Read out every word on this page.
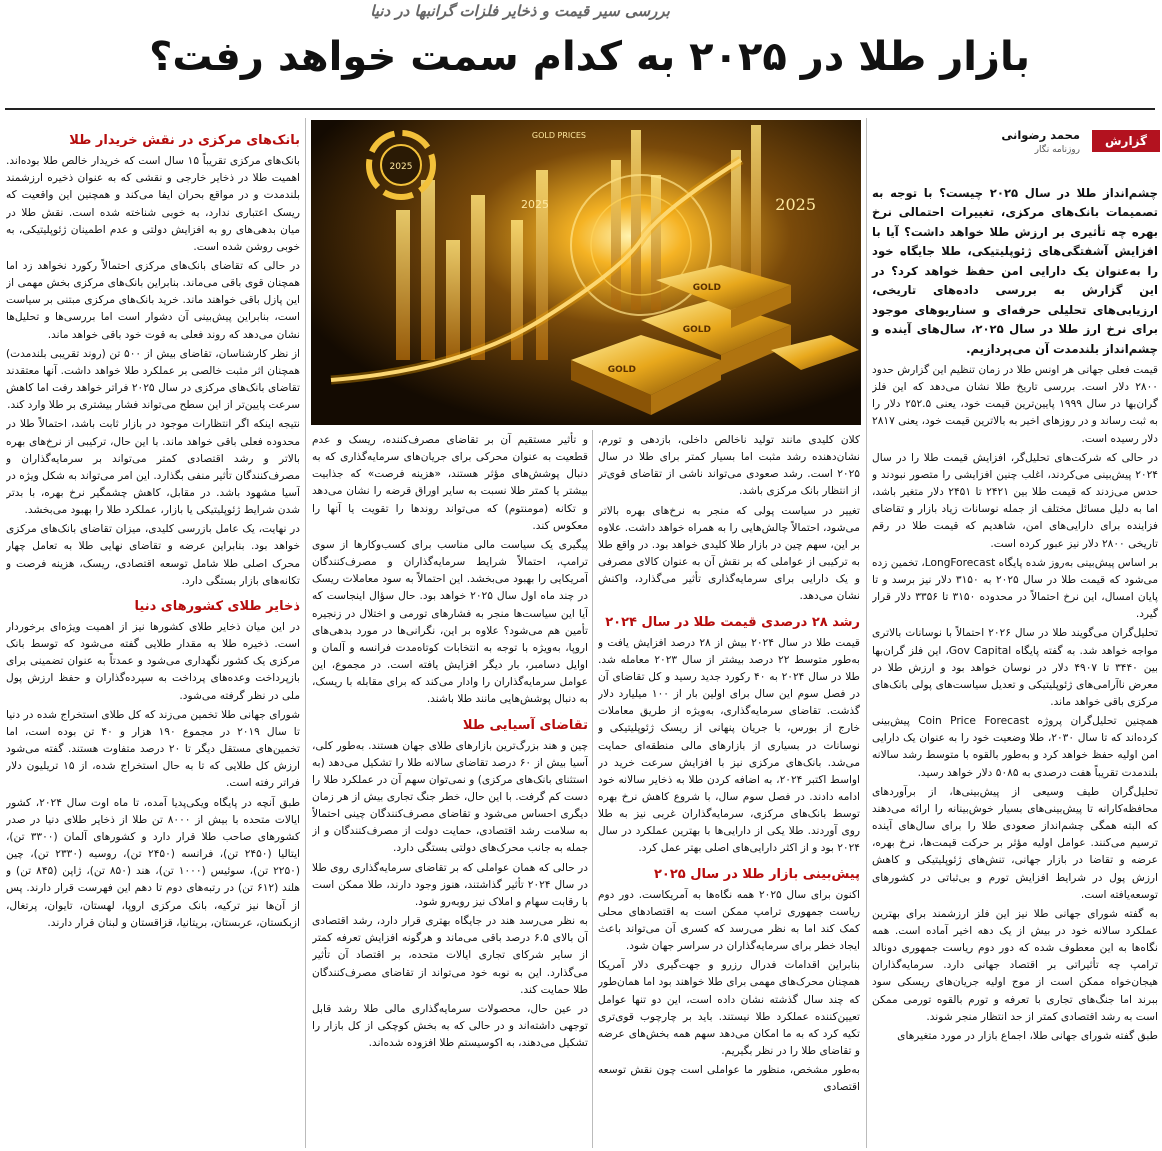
بررسی سیر قیمت و ذخایر فلزات گرانبها در دنیا
بازار طلا در ۲۰۲۵ به کدام سمت خواهد رفت؟
گزارش
محمد رضوانی
روزنامه نگار
چشم‌انداز طلا در سال ۲۰۲۵ چیست؟ با توجه به تصمیمات بانک‌های مرکزی، تغییرات احتمالی نرخ بهره چه تأثیری بر ارزش طلا خواهد داشت؟ آیا با افزایش آشفتگی‌های ژئوپلیتیکی، طلا جایگاه خود را به‌عنوان یک دارایی امن حفظ خواهد کرد؟ در این گزارش به بررسی داده‌های تاریخی، ارزیابی‌های تحلیلی حرفه‌ای و سناریوهای موجود برای نرخ ارز طلا در سال ۲۰۲۵، سال‌های آینده و چشم‌انداز بلندمدت آن می‌پردازیم.
GOLD PRICES
2025
2025	2025
GOLD
GOLD
GOLD

قیمت فعلی جهانی هر اونس طلا در زمان تنظیم این گزارش حدود ۲۸۰۰ دلار است. بررسی تاریخ طلا نشان می‌دهد که این فلز گران‌بها در سال ۱۹۹۹ پایین‌ترین قیمت خود، یعنی ۲۵۲.۵ دلار را به ثبت رساند و در روزهای اخیر به بالاترین قیمت خود، یعنی ۲۸۱۷ دلار رسیده است.

در حالی که شرکت‌های تحلیل‌گر، افزایش قیمت طلا را در سال ۲۰۲۴ پیش‌بینی می‌کردند، اغلب چنین افزایشی را متصور نبودند و حدس می‌زدند که قیمت طلا بین ۲۴۲۱ تا ۲۴۵۱ دلار متغیر باشد، اما به دلیل مسائل مختلف از جمله نوسانات زیاد بازار و تقاضای فزاینده برای دارایی‌های امن، شاهدیم که قیمت طلا در رقم تاریخی ۲۸۰۰ دلار نیز عبور کرده است.

بر اساس پیش‌بینی به‌روز شده پایگاه LongForecast، تخمین زده می‌شود که قیمت طلا در سال ۲۰۲۵ به ۳۱۵۰ دلار نیز برسد و تا پایان امسال، این نرخ احتمالاً در محدوده ۳۱۵۰ تا ۳۳۵۶ دلار قرار گیرد.

تحلیل‌گران می‌گویند طلا در سال ۲۰۲۶ احتمالاً با نوسانات بالاتری مواجه خواهد شد. به گفته پایگاه Gov Capital، این فلز گران‌بها بین ۳۴۴۰ تا ۴۹۰۷ دلار در نوسان خواهد بود و ارزش طلا در معرض ناآرامی‌های ژئوپلیتیکی و تعدیل سیاست‌های پولی بانک‌های مرکزی باقی خواهد ماند.

همچنین تحلیل‌گران پروژه Coin Price Forecast پیش‌بینی کرده‌اند که تا سال ۲۰۳۰، طلا وضعیت خود را به عنوان یک دارایی امن اولیه حفظ خواهد کرد و به‌طور بالقوه با متوسط رشد سالانه بلندمدت تقریباً هفت درصدی به ۵۰۸۵ دلار خواهد رسید.

تحلیل‌گران طیف وسیعی از پیش‌بینی‌ها، از برآوردهای محافظه‌کارانه تا پیش‌بینی‌های بسیار خوش‌بینانه را ارائه می‌دهند که البته همگی چشم‌انداز صعودی طلا را برای سال‌های آینده ترسیم می‌کنند. عوامل اولیه مؤثر بر حرکت قیمت‌ها، نرخ بهره، عرضه و تقاضا در بازار جهانی، تنش‌های ژئوپلیتیکی و کاهش ارزش پول در شرایط افزایش تورم و بی‌ثباتی در کشورهای توسعه‌یافته است.

به گفته شورای جهانی طلا نیز این فلز ارزشمند برای بهترین عملکرد سالانه خود در بیش از یک دهه اخیر آماده است. همه نگاه‌ها به این معطوف شده که دور دوم ریاست جمهوری دونالد ترامپ چه تأثیراتی بر اقتصاد جهانی دارد. سرمایه‌گذاران هیجان‌خواه ممکن است از موج اولیه جریان‌های ریسکی سود ببرند اما جنگ‌های تجاری با تعرفه و تورم بالقوه تورمی ممکن است به رشد اقتصادی کمتر از حد انتظار منجر شوند.

طبق گفته شورای جهانی طلا، اجماع بازار در مورد متغیرهای

کلان کلیدی مانند تولید ناخالص داخلی، بازدهی و تورم، نشان‌دهنده رشد مثبت اما بسیار کمتر برای طلا در سال ۲۰۲۵ است. رشد صعودی می‌تواند ناشی از تقاضای قوی‌تر از انتظار بانک مرکزی باشد.

تغییر در سیاست پولی که منجر به نرخ‌های بهره بالاتر می‌شود، احتمالاً چالش‌هایی را به همراه خواهد داشت. علاوه بر این، سهم چین در بازار طلا کلیدی خواهد بود. در واقع طلا به ترکیبی از عواملی که بر نقش آن به عنوان کالای مصرفی و یک دارایی برای سرمایه‌گذاری تأثیر می‌گذارد، واکنش نشان می‌دهد.

رشد ۲۸ درصدی قیمت طلا در سال ۲۰۲۴

قیمت طلا در سال ۲۰۲۴ بیش از ۲۸ درصد افزایش یافت و به‌طور متوسط ۲۲ درصد بیشتر از سال ۲۰۲۳ معامله شد. طلا در سال ۲۰۲۴ به ۴۰ رکورد جدید رسید و کل تقاضای آن در فصل سوم این سال برای اولین بار از ۱۰۰ میلیارد دلار گذشت. تقاضای سرمایه‌گذاری، به‌ویژه از طریق معاملات خارج از بورس، با جریان پنهانی از ریسک ژئوپلیتیکی و نوسانات در بسیاری از بازارهای مالی منطقه‌ای حمایت می‌شد. بانک‌های مرکزی نیز با افزایش سرعت خرید در اواسط اکتبر ۲۰۲۴، به اضافه کردن طلا به ذخایر سالانه خود ادامه دادند. در فصل سوم سال، با شروع کاهش نرخ بهره توسط بانک‌های مرکزی، سرمایه‌گذاران غربی نیز به طلا روی آوردند. طلا یکی از دارایی‌ها با بهترین عملکرد در سال ۲۰۲۴ بود و از اکثر دارایی‌های اصلی بهتر عمل کرد.

پیش‌بینی بازار طلا در سال ۲۰۲۵

اکنون برای سال ۲۰۲۵ همه نگاه‌ها به آمریکاست. دور دوم ریاست جمهوری ترامپ ممکن است به اقتصادهای محلی کمک کند اما به نظر می‌رسد که کسری آن می‌تواند باعث ایجاد خطر برای سرمایه‌گذاران در سراسر جهان شود.

بنابراین اقدامات فدرال رزرو و جهت‌گیری دلار آمریکا همچنان محرک‌های مهمی برای طلا خواهند بود اما همان‌طور که چند سال گذشته نشان داده است، این دو تنها عوامل تعیین‌کننده عملکرد طلا نیستند. باید بر چارچوب قوی‌تری تکیه کرد که به ما امکان می‌دهد سهم همه بخش‌های عرضه و تقاضای طلا را در نظر بگیریم.

به‌طور مشخص، منظور ما عواملی است چون نقش توسعه اقتصادی

و تأثیر مستقیم آن بر تقاضای مصرف‌کننده، ریسک و عدم قطعیت به عنوان محرکی برای جریان‌های سرمایه‌گذاری که به دنبال پوشش‌های مؤثر هستند، «هزینه فرصت» که جذابیت بیشتر یا کمتر طلا نسبت به سایر اوراق قرضه را نشان می‌دهد و تکانه (مومنتوم) که می‌تواند روندها را تقویت یا آنها را معکوس کند.

پیگیری یک سیاست مالی مناسب برای کسب‌وکارها از سوی ترامپ، احتمالاً شرایط سرمایه‌گذاران و مصرف‌کنندگان آمریکایی را بهبود می‌بخشد. این احتمالاً به سود معاملات ریسک در چند ماه اول سال ۲۰۲۵ خواهد بود. حال سؤال اینجاست که آیا این سیاست‌ها منجر به فشارهای تورمی و اختلال در زنجیره تأمین هم می‌شود؟ علاوه بر این، نگرانی‌ها در مورد بدهی‌های اروپا، به‌ویژه با توجه به انتخابات کوتاه‌مدت فرانسه و آلمان و اوایل دسامبر، بار دیگر افزایش یافته است. در مجموع، این عوامل سرمایه‌گذاران را وادار می‌کند که برای مقابله با ریسک، به دنبال پوشش‌هایی مانند طلا باشند.

تقاضای آسیایی طلا

چین و هند بزرگ‌ترین بازارهای طلای جهان هستند. به‌طور کلی، آسیا بیش از ۶۰ درصد تقاضای سالانه طلا را تشکیل می‌دهد (به استثنای بانک‌های مرکزی) و نمی‌توان سهم آن در عملکرد طلا را دست کم گرفت. با این حال، خطر جنگ تجاری بیش از هر زمان دیگری احساس می‌شود و تقاضای مصرف‌کنندگان چینی احتمالاً به سلامت رشد اقتصادی، حمایت دولت از مصرف‌کنندگان و از جمله به جانب محرک‌های دولتی بستگی دارد.

در حالی که همان عواملی که بر تقاضای سرمایه‌گذاری روی طلا در سال ۲۰۲۴ تأثیر گذاشتند، هنوز وجود دارند، طلا ممکن است با رقابت سهام و املاک نیز روبه‌رو شود.

به نظر می‌رسد هند در جایگاه بهتری قرار دارد، رشد اقتصادی آن بالای ۶.۵ درصد باقی می‌ماند و هرگونه افزایش تعرفه کمتر از سایر شرکای تجاری ایالات متحده، بر اقتصاد آن تأثیر می‌گذارد. این به نوبه خود می‌تواند از تقاضای مصرف‌کنندگان طلا حمایت کند.

در عین حال، محصولات سرمایه‌گذاری مالی طلا رشد قابل توجهی داشته‌اند و در حالی که به بخش کوچکی از کل بازار را تشکیل می‌دهند، به اکوسیستم طلا افزوده شده‌اند.

بانک‌های مرکزی در نقش خریدار طلا

بانک‌های مرکزی تقریباً ۱۵ سال است که خریدار خالص طلا بوده‌اند. اهمیت طلا در ذخایر خارجی و نقشی که به عنوان ذخیره ارزشمند بلندمدت و در مواقع بحران ایفا می‌کند و همچنین این واقعیت که ریسک اعتباری ندارد، به خوبی شناخته شده است. نقش طلا در میان بدهی‌های رو به افزایش دولتی و عدم اطمینان ژئوپلیتیکی، به خوبی روشن شده است.

در حالی که تقاضای بانک‌های مرکزی احتمالاً رکورد نخواهد زد اما همچنان قوی باقی می‌ماند. بنابراین بانک‌های مرکزی بخش مهمی از این پازل باقی خواهند ماند. خرید بانک‌های مرکزی مبتنی بر سیاست است، بنابراین پیش‌بینی آن دشوار است اما بررسی‌ها و تحلیل‌ها نشان می‌دهد که روند فعلی به قوت خود باقی خواهد ماند.

از نظر کارشناسان، تقاضای بیش از ۵۰۰ تن (روند تقریبی بلندمدت) همچنان اثر مثبت خالصی بر عملکرد طلا خواهد داشت. آنها معتقدند تقاضای بانک‌های مرکزی در سال ۲۰۲۵ فراتر خواهد رفت اما کاهش سرعت پایین‌تر از این سطح می‌تواند فشار بیشتری بر طلا وارد کند.

نتیجه اینکه اگر انتظارات موجود در بازار ثابت باشد، احتمالاً طلا در محدوده فعلی باقی خواهد ماند. با این حال، ترکیبی از نرخ‌های بهره بالاتر و رشد اقتصادی کمتر می‌تواند بر سرمایه‌گذاران و مصرف‌کنندگان تأثیر منفی بگذارد. این امر می‌تواند به شکل ویژه در آسیا مشهود باشد. در مقابل، کاهش چشمگیر نرخ بهره، با بدتر شدن شرایط ژئوپلیتیکی یا بازار، عملکرد طلا را بهبود می‌بخشد.

در نهایت، یک عامل بازرسی کلیدی، میزان تقاضای بانک‌های مرکزی خواهد بود. بنابراین عرضه و تقاضای نهایی طلا به تعامل چهار محرک اصلی طلا شامل توسعه اقتصادی، ریسک، هزینه فرصت و تکانه‌های بازار بستگی دارد.

ذخایر طلای کشورهای دنیا

در این میان ذخایر طلای کشورها نیز از اهمیت ویژه‌ای برخوردار است. ذخیره طلا به مقدار طلایی گفته می‌شود که توسط بانک مرکزی یک کشور نگهداری می‌شود و عمدتاً به عنوان تضمینی برای بازپرداخت وعده‌های پرداخت به سپرده‌گذاران و حفظ ارزش پول ملی در نظر گرفته می‌شود.

شورای جهانی طلا تخمین می‌زند که کل طلای استخراج شده در دنیا تا سال ۲۰۱۹ در مجموع ۱۹۰ هزار و ۴۰ تن بوده است، اما تخمین‌های مستقل دیگر تا ۲۰ درصد متفاوت هستند. گفته می‌شود ارزش کل طلایی که تا به حال استخراج شده، از ۱۵ تریلیون دلار فراتر رفته است.

طبق آنچه در پایگاه ویکی‌پدیا آمده، تا ماه اوت سال ۲۰۲۴، کشور ایالات متحده با بیش از ۸۰۰۰ تن طلا از ذخایر طلای دنیا در صدر کشورهای صاحب طلا قرار دارد و کشورهای آلمان (۳۳۰۰ تن)، ایتالیا (۲۴۵۰ تن)، فرانسه (۲۴۵۰ تن)، روسیه (۲۳۳۰ تن)، چین (۲۲۵۰ تن)، سوئیس (۱۰۰۰ تن)، هند (۸۵۰ تن)، ژاپن (۸۴۵ تن) و هلند (۶۱۲ تن) در رتبه‌های دوم تا دهم این فهرست قرار دارند. پس از آن‌ها نیز ترکیه، بانک مرکزی اروپا، لهستان، تایوان، پرتغال، ازبکستان، عربستان، بریتانیا، قزاقستان و لبنان قرار دارند.
